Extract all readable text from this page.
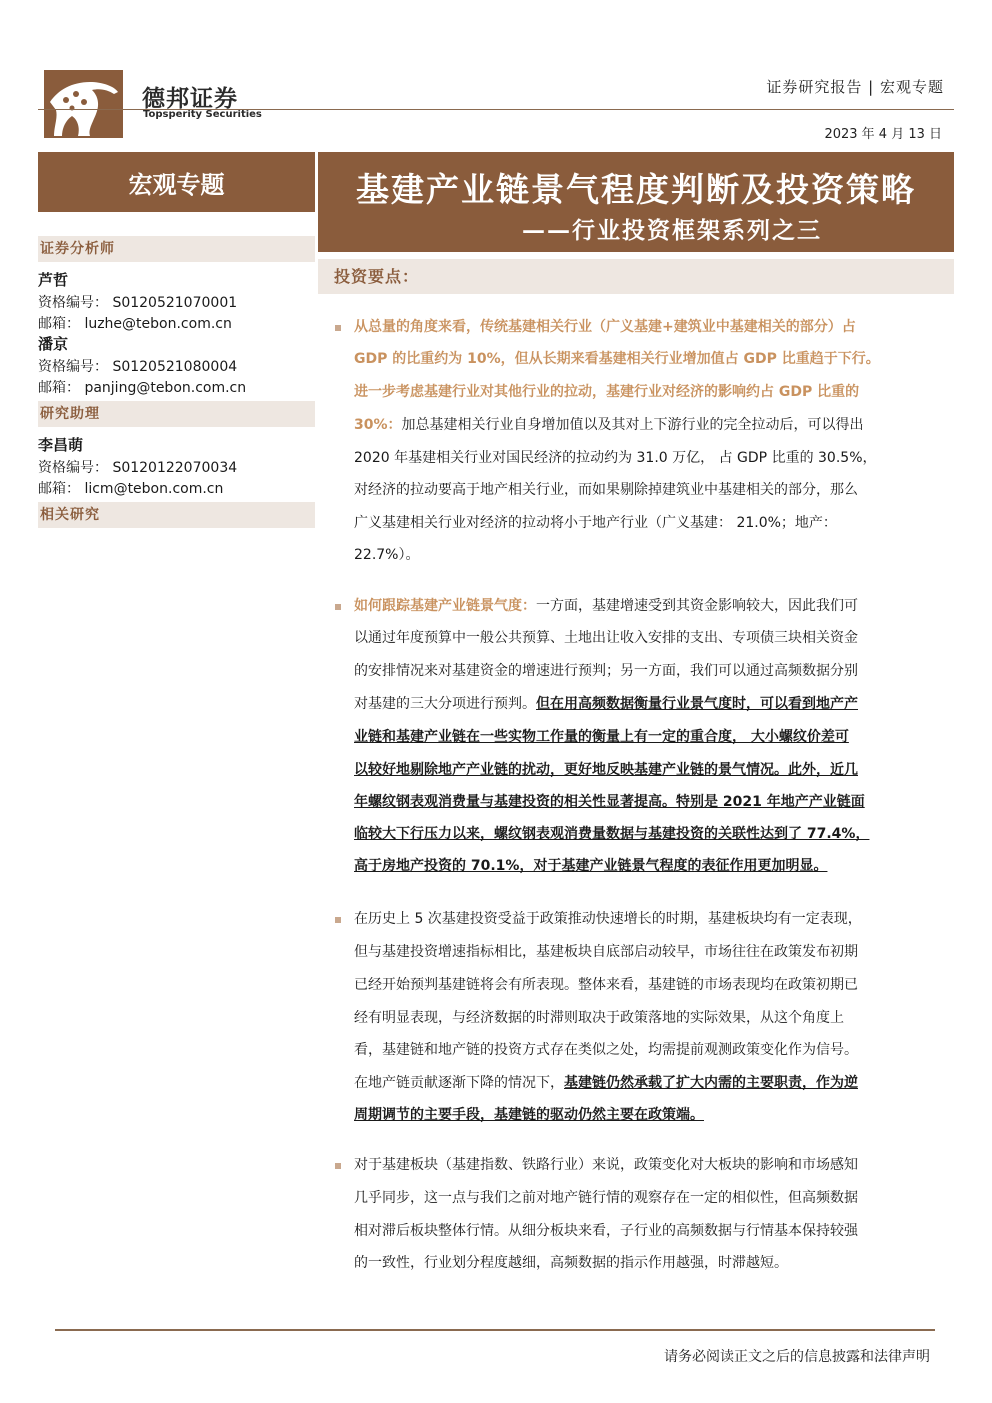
德邦证券
Topsperity Securities
证券研究报告 | 宏观专题
2023 年 4 月 13 日
宏观专题	基建产业链景气程度判断及投资策略
——行业投资框架系列之三
证券分析师
芦哲
资格编号： S0120521070001
邮箱： luzhe@tebon.com.cn
潘京
资格编号： S0120521080004
邮箱： panjing@tebon.com.cn
研究助理
李昌萌
资格编号： S0120122070034
邮箱： licm@tebon.com.cn
相关研究
投资要点：
从总量的角度来看，传统基建相关行业（广义基建+建筑业中基建相关的部分）占
GDP 的比重约为 10%，但从长期来看基建相关行业增加值占 GDP 比重趋于下行。
进一步考虑基建行业对其他行业的拉动，基建行业对经济的影响约占 GDP 比重的
30%：加总基建相关行业自身增加值以及其对上下游行业的完全拉动后，可以得出
2020 年基建相关行业对国民经济的拉动约为 31.0 万亿， 占 GDP 比重的 30.5%，
对经济的拉动要高于地产相关行业，而如果剔除掉建筑业中基建相关的部分，那么
广义基建相关行业对经济的拉动将小于地产行业（广义基建： 21.0%；地产：
22.7%）。
如何跟踪基建产业链景气度：一方面，基建增速受到其资金影响较大，因此我们可
以通过年度预算中一般公共预算、土地出让收入安排的支出、专项债三块相关资金
的安排情况来对基建资金的增速进行预判；另一方面，我们可以通过高频数据分别
对基建的三大分项进行预判。但在用高频数据衡量行业景气度时，可以看到地产产
业链和基建产业链在一些实物工作量的衡量上有一定的重合度， 大小螺纹价差可
以较好地剔除地产产业链的扰动，更好地反映基建产业链的景气情况。此外，近几
年螺纹钢表观消费量与基建投资的相关性显著提高。特别是 2021 年地产产业链面
临较大下行压力以来，螺纹钢表观消费量数据与基建投资的关联性达到了 77.4%，
高于房地产投资的 70.1%，对于基建产业链景气程度的表征作用更加明显。
在历史上 5 次基建投资受益于政策推动快速增长的时期，基建板块均有一定表现，
但与基建投资增速指标相比，基建板块自底部启动较早，市场往往在政策发布初期
已经开始预判基建链将会有所表现。整体来看，基建链的市场表现均在政策初期已
经有明显表现，与经济数据的时滞则取决于政策落地的实际效果，从这个角度上
看，基建链和地产链的投资方式存在类似之处，均需提前观测政策变化作为信号。
在地产链贡献逐渐下降的情况下，基建链仍然承载了扩大内需的主要职责，作为逆
周期调节的主要手段，基建链的驱动仍然主要在政策端。
对于基建板块（基建指数、铁路行业）来说，政策变化对大板块的影响和市场感知
几乎同步，这一点与我们之前对地产链行情的观察存在一定的相似性，但高频数据
相对滞后板块整体行情。从细分板块来看，子行业的高频数据与行情基本保持较强
的一致性，行业划分程度越细，高频数据的指示作用越强，时滞越短。
请务必阅读正文之后的信息披露和法律声明
